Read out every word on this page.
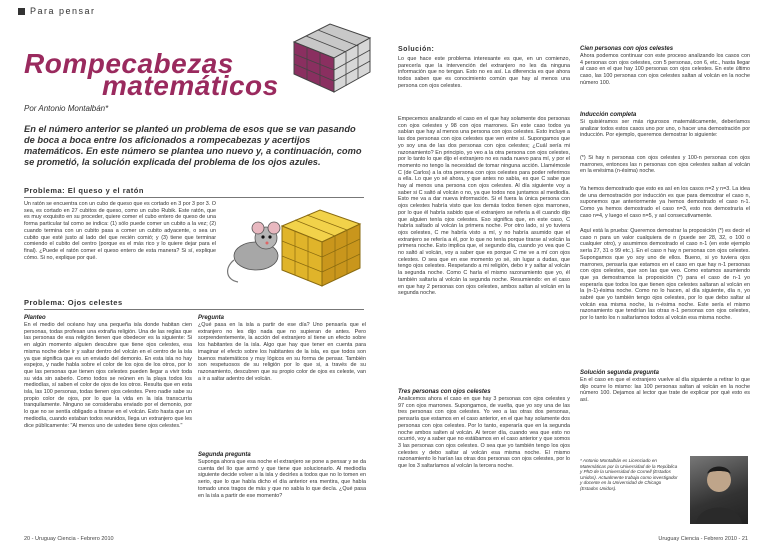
Para pensar
Rompecabezas
matemáticos
Por Antonio Montalbán*
En el número anterior se planteó un problema de esos que se van pasando de boca a boca entre los aficionados a rompecabezas y acertijos matemáticos. En este número se plantea uno nuevo y, a continuación, como se prometió, la solución explicada del problema de los ojos azules.
Problema: El queso y el ratón
Un ratón se encuentra con un cubo de queso que es cortado en 3 por 3 por 3. O sea, es cortado en 27 cubitos de queso, como un cubo Rubik. Este ratón, que es muy exquisito en su proceder, quiere comer el cubo entero de queso de una forma particular tal como se indica: (1) sólo puede comer un cubito a la vez; (2) cuando termina con un cubito pasa a comer un cubito adyacente, o sea un cubito que esté justo al lado del que recién comió; y (3) tiene que terminar comiendo el cubito del centro (porque es el más rico y lo quiere dejar para el final). ¿Puede el ratón comer el queso entero de esta manera? Si sí, explique cómo. Si no, explique por qué.
Problema: Ojos celestes
Planteo
En el medio del océano hay una pequeña isla donde habitan cien personas, todas profesan una extraña religión. Una de las reglas que las personas de esa religión tienen que obedecer es la siguiente: Si en algún momento alguien descubre que tiene ojos celestes, esa misma noche debe ir y saltar dentro del volcán en el centro de la isla ya que significa que es un enviado del demonio. En esta isla no hay espejos, y nadie habla sobre el color de los ojos de los otros, por lo que las personas que tienen ojos celestes pueden llegar a vivir toda su vida sin saberlo. Como todos se reúnen en la playa todos los mediodías, sí saben el color de ojos de los otros. Resulta que en esta isla, las 100 personas, todas tienen ojos celestes. Pero nadie sabe su propio color de ojos, por lo que la vida en la isla transcurría tranquilamente. Ninguno se consideraba enviado por el demonio, por lo que no se sentía obligado a tirarse en el volcán. Esto hasta que un mediodía, cuando estaban todos reunidos, llega un extranjero que les dice públicamente: "Al menos uno de ustedes tiene ojos celestes."
Pregunta
¿Qué pasa en la isla a partir de ese día? Uno pensaría que el extranjero no les dijo nada que no supieran de antes. Pero sorprendentemente, la acción del extranjero sí tiene un efecto sobre los habitantes de la isla. Algo que hay que tener en cuenta para imaginar el efecto sobre los habitantes de la isla, es que todos son buenos matemáticos y muy lógicos en su forma de pensar. También son respetuosos de su religión por lo que si, a través de su razonamiento, descubren que su propio color de ojos es celeste, van a ir a saltar adentro del volcán.
Segunda pregunta
Suponga ahora que esa noche el extranjero se pone a pensar y se da cuenta del lío que armó y que tiene que solucionarlo. Al mediodía siguiente decide volver a la isla y decirles a todos que no lo tomen en serio, que lo que había dicho el día anterior era mentira, que había tomado unos tragos de más y que no sabía lo que decía. ¿Qué pasa en la isla a partir de ese momento?
20 - Uruguay Ciencia - Febrero 2010
Solución:
Lo que hace este problema interesante es que, en un comienzo, parecería que la intervención del extranjero no les da ninguna información que no tengan. Esto no es así. La diferencia es que ahora todos saben que es conocimiento común que hay al menos una persona con ojos celestes.
Empecemos analizando el caso en el que hay solamente dos personas con ojos celestes y 98 con ojos marrones. En este caso todos ya sabían que hay al menos una persona con ojos celestes. Esto incluye a las dos personas con ojos celestes que ven entre sí. Supongamos que yo soy una de las dos personas con ojos celestes; ¿Cuál sería mi razonamiento? En principio, yo veo a la otra persona con ojos celestes, por lo tanto lo que dijo el extranjero no es nada nuevo para mí, y por el momento no tengo la necesidad de tomar ninguna acción. Llamémosle C (de Carlos) a la otra persona con ojos celestes para poder referirnos a ella. Lo que yo sé ahora, y que antes no sabía, es que C sabe que hay al menos una persona con ojos celestes. Al día siguiente voy a saber si C saltó al volcán o no, ya que todos nos juntamos al mediodía. Esto me va a dar nueva información. Si el fuera la única persona con ojos celestes habría visto que los demás todos tienen ojos marrones, por lo que él habría sabido que el extranjero se refería a él cuando dijo que alguien tenía ojos celestes. Eso significa que, en este caso, C habría saltado al volcán la primera noche. Por otro lado, si yo tuviera ojos celestes, C me habría visto a mí, y no habría asumido que el extranjero se refería a él, por lo que no tenía porque tirarse al volcán la primera noche. Esto implica que, el segundo día, cuando yo vea que C no saltó al volcán, voy a saber que es porque C me ve a mí con ojos celestes. O sea que en ese momento yo sé, sin lugar a dudas, que tengo ojos celestes. Respetando a mi religión, debo ir y saltar al volcán la segunda noche. Como C haría el mismo razonamiento que yo, él también saltaría al volcán la segunda noche. Resumiendo: en el caso en que hay 2 personas con ojos celestes, ambos saltan al volcán en la segunda noche.
Tres personas con ojos celestes
Analicemos ahora el caso en que hay 3 personas con ojos celestes y 97 con ojos marrones. Supongamos, de vuelta, que yo soy una de las tres personas con ojos celestes. Yo veo a las otras dos personas, pensaría que estamos en el caso anterior, en el que hay solamente dos personas con ojos celestes. Por lo tanto, esperaría que en la segunda noche ambos salten al volcán. Al tercer día, cuando vea que esto no ocurrió, voy a saber que no estábamos en el caso anterior y que somos 3 las personas con ojos celestes. O sea que yo también tengo los ojos celestes y debo saltar al volcán esa misma noche. El mismo razonamiento lo harían las otras dos personas con ojos celestes, por lo que los 3 saltaríamos al volcán la tercera noche.
Cien personas con ojos celestes
Ahora podemos continuar con este proceso analizando los casos con 4 personas con ojos celestes, con 5 personas, con 6, etc., hasta llegar al caso en el que hay 100 personas con ojos celestes. En este último caso, las 100 personas con ojos celestes saltan al volcán en la noche número 100.
Inducción completa
Si quisiéramos ser más rigurosos matemáticamente, deberíamos analizar todos estos casos uno por uno, o hacer una demostración por inducción. Por ejemplo, queremos demostrar lo siguiente:
(*) Si hay n personas con ojos celestes y 100-n personas con ojos marrones, entonces las n personas con ojos celestes saltan al volcán en la enésima (n-ésima) noche.
Ya hemos demostrado que esto es así en los casos n=2 y n=3. La idea de una demostración por inducción es que para demostrar el caso n, suponemos que anteriormente ya hemos demostrado el caso n-1. Como ya hemos demostrado el caso n=3, esto nos demostraría el caso n=4, y luego el caso n=5, y así consecutivamente.
Aquí está la prueba: Queremos demostrar la proposición (*) es decir el caso n para un valor cualquiera de n (puede ser 28, 32, o 100 o cualquier otro), y asumimos demostrado el caso n-1 (en este ejemplo sería 27, 31 o 99 etc.). En el caso n hay n personas con ojos celestes. Supongamos que yo soy uno de ellos. Bueno, si yo tuviera ojos marrones, pensaría que estamos en el caso en que hay n-1 personas con ojos celestes, que son las que veo. Como estamos asumiendo que ya demostramos la proposición (*) para el caso de n-1 yo esperaría que todos los que tienen ojos celestes saltaran al volcán en la (n-1)-ésima noche. Como no lo hacen, al día siguiente, día n, yo sabré que yo también tengo ojos celestes, por lo que debo saltar al volcán esa misma noche, la n-ésima noche. Este sería el mismo razonamiento que tendrían las otras n-1 personas con ojos celestes, por lo tanto los n saltaríamos todos al volcán esa misma noche.
Solución segunda pregunta
En el caso en que el extranjero vuelve al día siguiente a retirar lo que dijo ocurre lo mismo: las 100 personas saltan al volcán en la noche número 100. Dejamos al lector que trate de explicar por qué esto es así.
* Antonio Montalbán es Licenciado en Matemáticas por la Universidad de la República y PhD de la Universidad de Cornell (Estados Unidos). Actualmente trabaja como investigador y docente en la Universidad de Chicago (Estados Unidos).
Uruguay Ciencia - Febrero 2010 - 21
